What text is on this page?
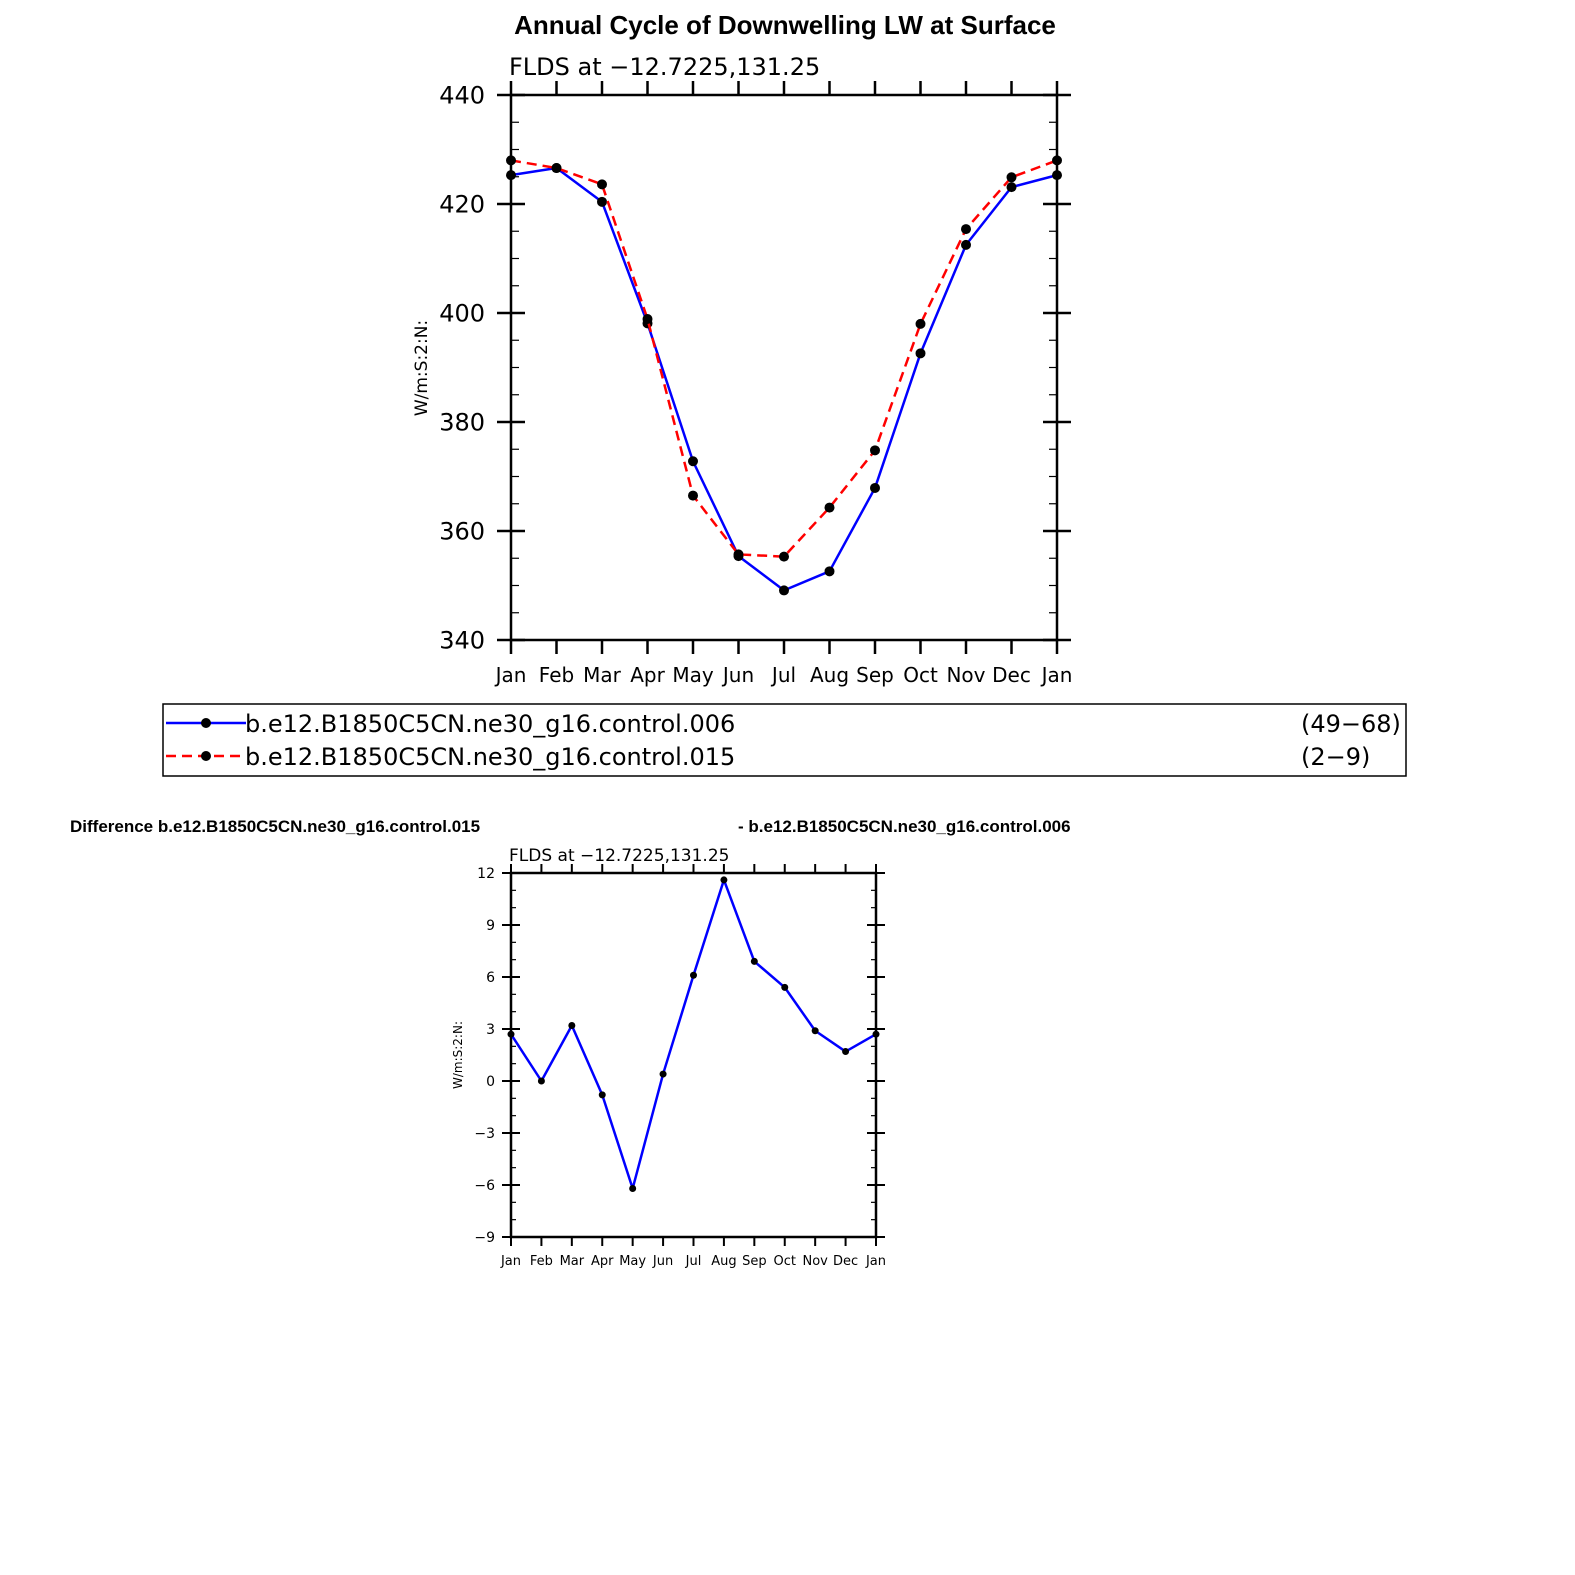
Annual Cycle of Downwelling LW at Surface
FLDS at −12.7225,131.25
340
360
380
400
420
440
Jan Feb Mar Apr May Jun Jul Aug Sep Oct Nov Dec Jan
W/m:S:2:N:
b.e12.B1850C5CN.ne30_g16.control.006	(49−68)
b.e12.B1850C5CN.ne30_g16.control.015	(2−9)
Difference b.e12.B1850C5CN.ne30_g16.control.015	- b.e12.B1850C5CN.ne30_g16.control.006
FLDS at −12.7225,131.25
−9
−6
−3
0
3
6
9
12
Jan Feb Mar Apr May Jun Jul Aug Sep Oct Nov Dec Jan
W/m:S:2:N:
